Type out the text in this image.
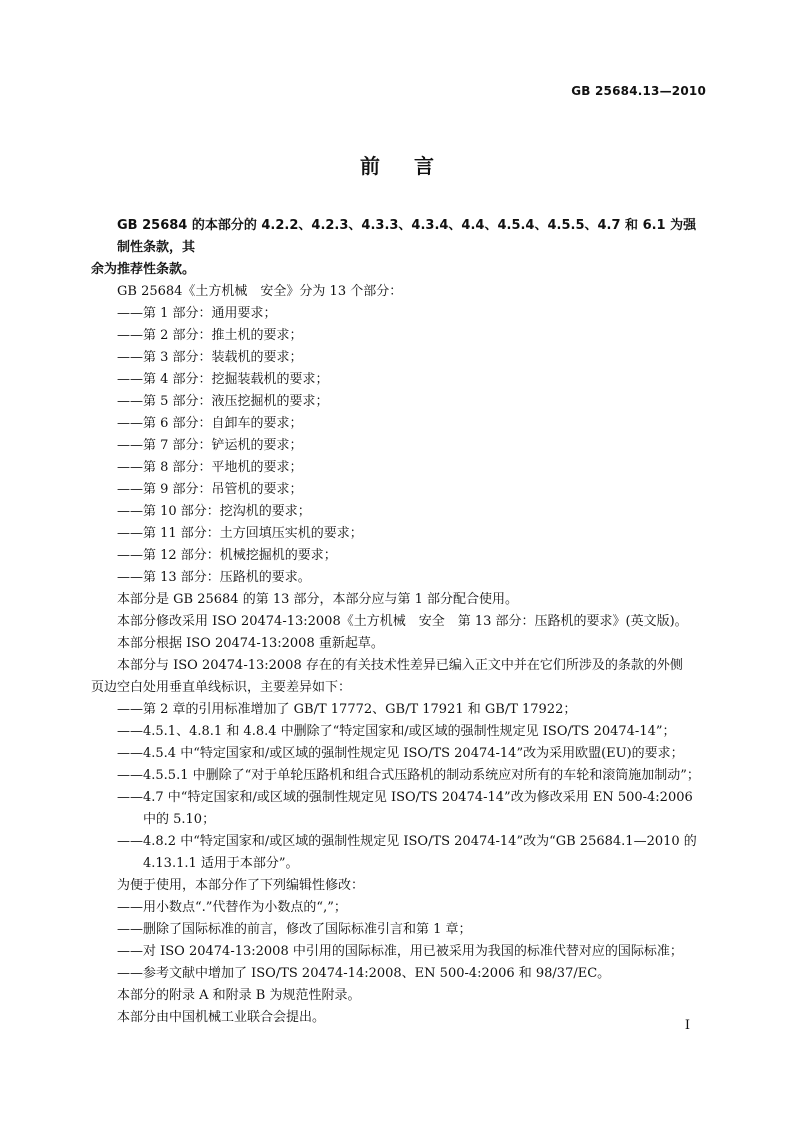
GB 25684.13—2010
前言
GB 25684 的本部分的 4.2.2、4.2.3、4.3.3、4.3.4、4.4、4.5.4、4.5.5、4.7 和 6.1 为强制性条款，其
余为推荐性条款。
GB 25684《土方机械　安全》分为 13 个部分：
—— 第 1 部分：通用要求；
—— 第 2 部分：推土机的要求；
—— 第 3 部分：装载机的要求；
—— 第 4 部分：挖掘装载机的要求；
—— 第 5 部分：液压挖掘机的要求；
—— 第 6 部分：自卸车的要求；
—— 第 7 部分：铲运机的要求；
—— 第 8 部分：平地机的要求；
—— 第 9 部分：吊管机的要求；
—— 第 10 部分：挖沟机的要求；
—— 第 11 部分：土方回填压实机的要求；
—— 第 12 部分：机械挖掘机的要求；
—— 第 13 部分：压路机的要求。
本部分是 GB 25684 的第 13 部分，本部分应与第 1 部分配合使用。
本部分修改采用 ISO 20474-13:2008《土方机械　安全　第 13 部分：压路机的要求》(英文版)。
本部分根据 ISO 20474-13:2008 重新起草。
本部分与 ISO 20474-13:2008 存在的有关技术性差异已编入正文中并在它们所涉及的条款的外侧
页边空白处用垂直单线标识，主要差异如下：
—— 第 2 章的引用标准增加了 GB/T 17772、GB/T 17921 和 GB/T 17922；
—— 4.5.1、4.8.1 和 4.8.4 中删除了“特定国家和/或区域的强制性规定见 ISO/TS 20474-14”；
—— 4.5.4 中“特定国家和/或区域的强制性规定见 ISO/TS 20474-14”改为采用欧盟(EU)的要求；
—— 4.5.5.1 中删除了“对于单轮压路机和组合式压路机的制动系统应对所有的车轮和滚筒施加制动”；
—— 4.7 中“特定国家和/或区域的强制性规定见 ISO/TS 20474-14”改为修改采用 EN 500-4:2006 中的 5.10；
—— 4.8.2 中“特定国家和/或区域的强制性规定见 ISO/TS 20474-14”改为“GB 25684.1—2010 的 4.13.1.1 适用于本部分”。
为便于使用，本部分作了下列编辑性修改：
—— 用小数点“.”代替作为小数点的“,”；
—— 删除了国际标准的前言，修改了国际标准引言和第 1 章；
—— 对 ISO 20474-13:2008 中引用的国际标准，用已被采用为我国的标准代替对应的国际标准；
—— 参考文献中增加了 ISO/TS 20474-14:2008、EN 500-4:2006 和 98/37/EC。
本部分的附录 A 和附录 B 为规范性附录。
本部分由中国机械工业联合会提出。
I
